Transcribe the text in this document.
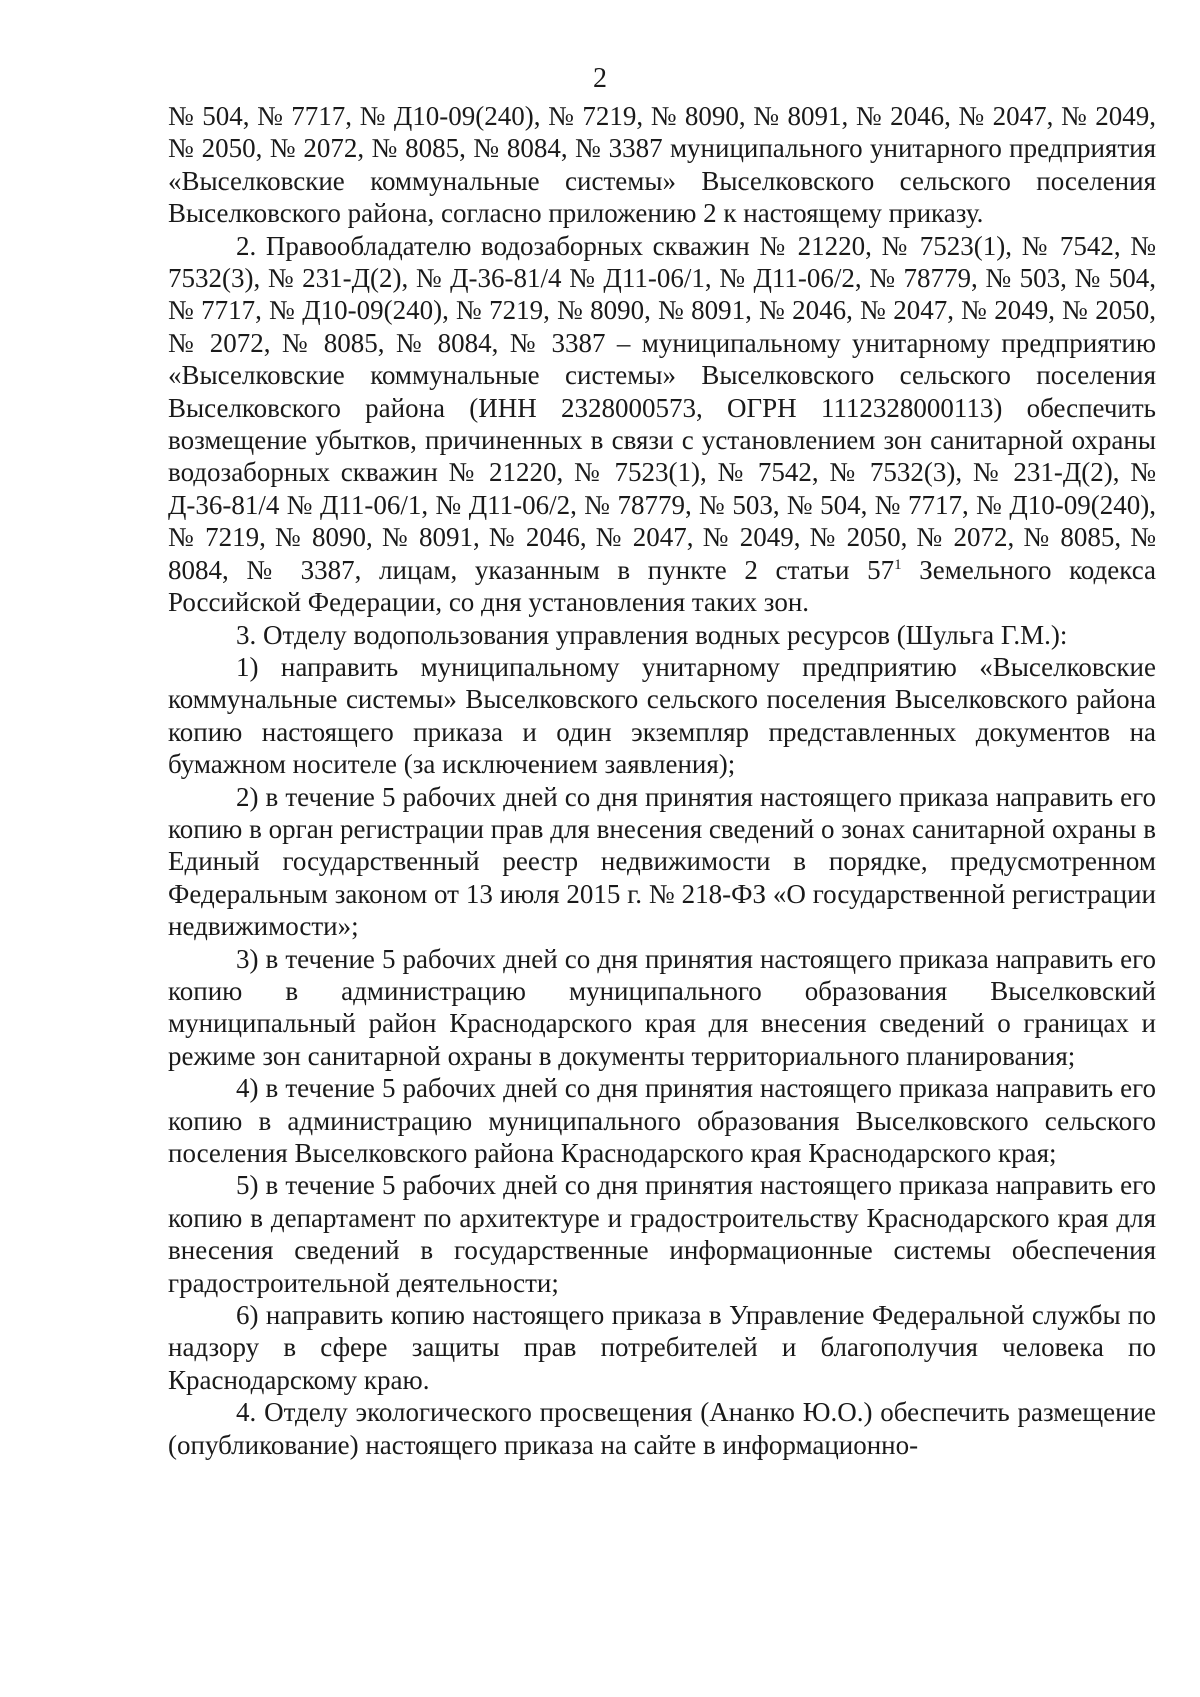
2

№ 504, № 7717, № Д10-09(240), № 7219, № 8090, № 8091, № 2046, № 2047, № 2049, № 2050, № 2072, № 8085, № 8084, № 3387 муниципального унитарного предприятия «Выселковские коммунальные системы» Выселковского сельского поселения Выселковского района, согласно приложению 2 к настоящему приказу.

2. Правообладателю водозаборных скважин № 21220, № 7523(1), № 7542, № 7532(3), № 231-Д(2), № Д-36-81/4 № Д11-06/1, № Д11-06/2, № 78779, № 503, № 504, № 7717, № Д10-09(240), № 7219, № 8090, № 8091, № 2046, № 2047, № 2049, № 2050, № 2072, № 8085, № 8084, № 3387 – муниципальному унитарному предприятию «Выселковские коммунальные системы» Выселковского сельского поселения Выселковского района (ИНН 2328000573, ОГРН 1112328000113) обеспечить возмещение убытков, причиненных в связи с установлением зон санитарной охраны водозаборных скважин № 21220, № 7523(1), № 7542, № 7532(3), № 231-Д(2), № Д-36-81/4 № Д11-06/1, № Д11-06/2, № 78779, № 503, № 504, № 7717, № Д10-09(240), № 7219, № 8090, № 8091, № 2046, № 2047, № 2049, № 2050, № 2072, № 8085, № 8084, № 3387, лицам, указанным в пункте 2 статьи $57^1$ Земельного кодекса Российской Федерации, со дня установления таких зон.

3. Отделу водопользования управления водных ресурсов (Шульга Г.М.):

1) направить муниципальному унитарному предприятию «Выселковские коммунальные системы» Выселковского сельского поселения Выселковского района копию настоящего приказа и один экземпляр представленных документов на бумажном носителе (за исключением заявления);

2) в течение 5 рабочих дней со дня принятия настоящего приказа направить его копию в орган регистрации прав для внесения сведений о зонах санитарной охраны в Единый государственный реестр недвижимости в порядке, предусмотренном Федеральным законом от 13 июля 2015 г. № 218-ФЗ «О государственной регистрации недвижимости»;

3) в течение 5 рабочих дней со дня принятия настоящего приказа направить его копию в администрацию муниципального образования Выселковский муниципальный район Краснодарского края для внесения сведений о границах и режиме зон санитарной охраны в документы территориального планирования;

4) в течение 5 рабочих дней со дня принятия настоящего приказа направить его копию в администрацию муниципального образования Выселковского сельского поселения Выселковского района Краснодарского края Краснодарского края;

5) в течение 5 рабочих дней со дня принятия настоящего приказа направить его копию в департамент по архитектуре и градостроительству Краснодарского края для внесения сведений в государственные информационные системы обеспечения градостроительной деятельности;

6) направить копию настоящего приказа в Управление Федеральной службы по надзору в сфере защиты прав потребителей и благополучия человека по Краснодарскому краю.

4. Отделу экологического просвещения (Ананко Ю.О.) обеспечить размещение (опубликование) настоящего приказа на сайте в информационно-
